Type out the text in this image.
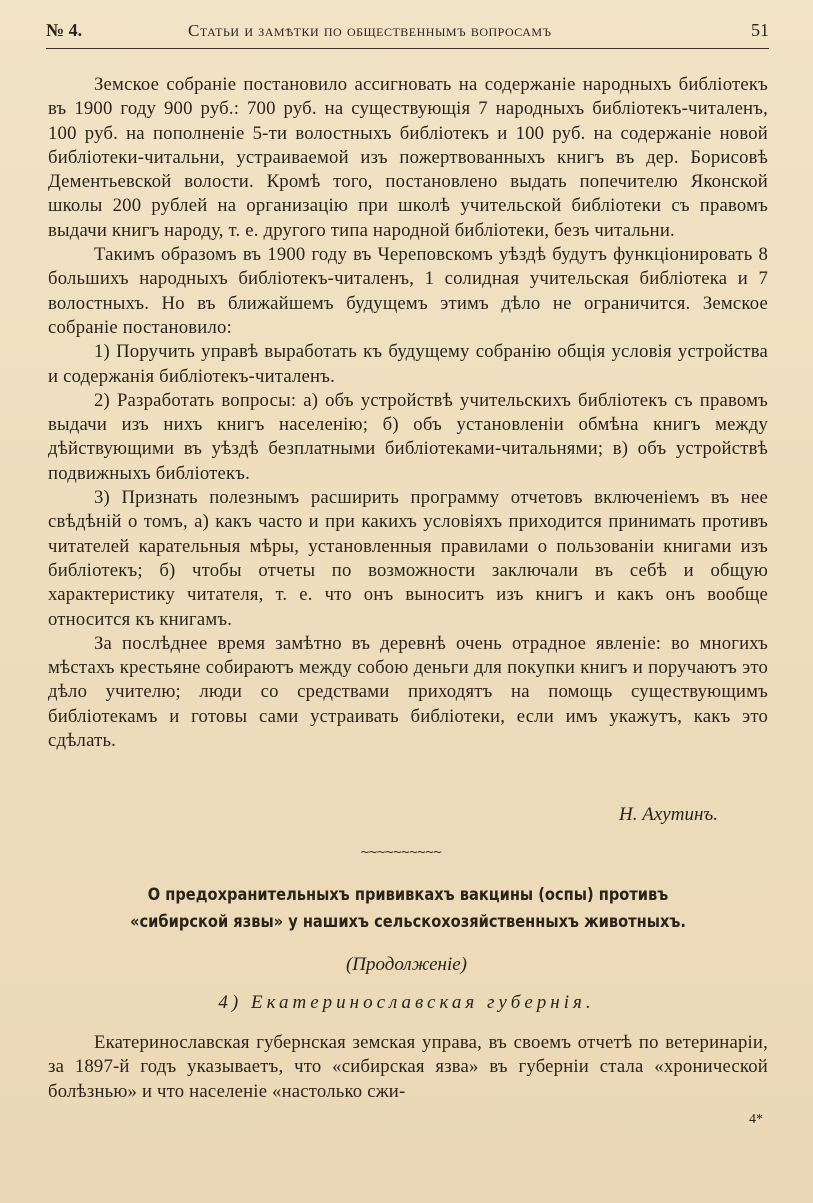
№ 4.	Статьи и замѣтки по общественнымъ вопросамъ	51

Земское собраніе постановило ассигновать на содержаніе народныхъ библіотекъ въ 1900 году 900 руб.: 700 руб. на существующія 7 народныхъ библіотекъ-читаленъ, 100 руб. на пополненіе 5-ти волостныхъ библіотекъ и 100 руб. на содержаніе новой библіотеки-читальни, устраиваемой изъ пожертвованныхъ книгъ въ дер. Борисовѣ Дементьевской волости. Кромѣ того, постановлено выдать попечителю Яконской школы 200 рублей на организацію при школѣ учительской библіотеки съ правомъ выдачи книгъ народу, т. е. другого типа народной библіотеки, безъ читальни.

Такимъ образомъ въ 1900 году въ Череповскомъ уѣздѣ будутъ функціонировать 8 большихъ народныхъ библіотекъ-читаленъ, 1 солидная учительская библіотека и 7 волостныхъ. Но въ ближайшемъ будущемъ этимъ дѣло не ограничится. Земское собраніе постановило:

1) Поручить управѣ выработать къ будущему собранію общія условія устройства и содержанія библіотекъ-читаленъ.

2) Разработать вопросы: а) объ устройствѣ учительскихъ библіотекъ съ правомъ выдачи изъ нихъ книгъ населенію; б) объ установленіи обмѣна книгъ между дѣйствующими въ уѣздѣ безплатными библіотеками-читальнями; в) объ устройствѣ подвижныхъ библіотекъ.

3) Признать полезнымъ расширить программу отчетовъ включеніемъ въ нее свѣдѣній о томъ, а) какъ часто и при какихъ условіяхъ приходится принимать противъ читателей карательныя мѣры, установленныя правилами о пользованіи книгами изъ библіотекъ; б) чтобы отчеты по возможности заключали въ себѣ и общую характеристику читателя, т. е. что онъ выноситъ изъ книгъ и какъ онъ вообще относится къ книгамъ.

За послѣднее время замѣтно въ деревнѣ очень отрадное явленіе: во многихъ мѣстахъ крестьяне собираютъ между собою деньги для покупки книгъ и поручаютъ это дѣло учителю; люди со средствами приходятъ на помощь существующимъ библіотекамъ и готовы сами устраивать библіотеки, если имъ укажутъ, какъ это сдѣлать.

Н. Ахутинъ.
~~~~~~~~~~
О предохранительныхъ прививкахъ вакцины (оспы) противъ «сибирской язвы» у нашихъ сельскохозяйственныхъ животныхъ.
(Продолженіе)
4) Екатеринославская губернія.

Екатеринославская губернская земская управа, въ своемъ отчетѣ по ветеринаріи, за 1897-й годъ указываетъ, что «сибирская язва» въ губерніи стала «хронической болѣзнью» и что населеніе «настолько сжи-

4*
